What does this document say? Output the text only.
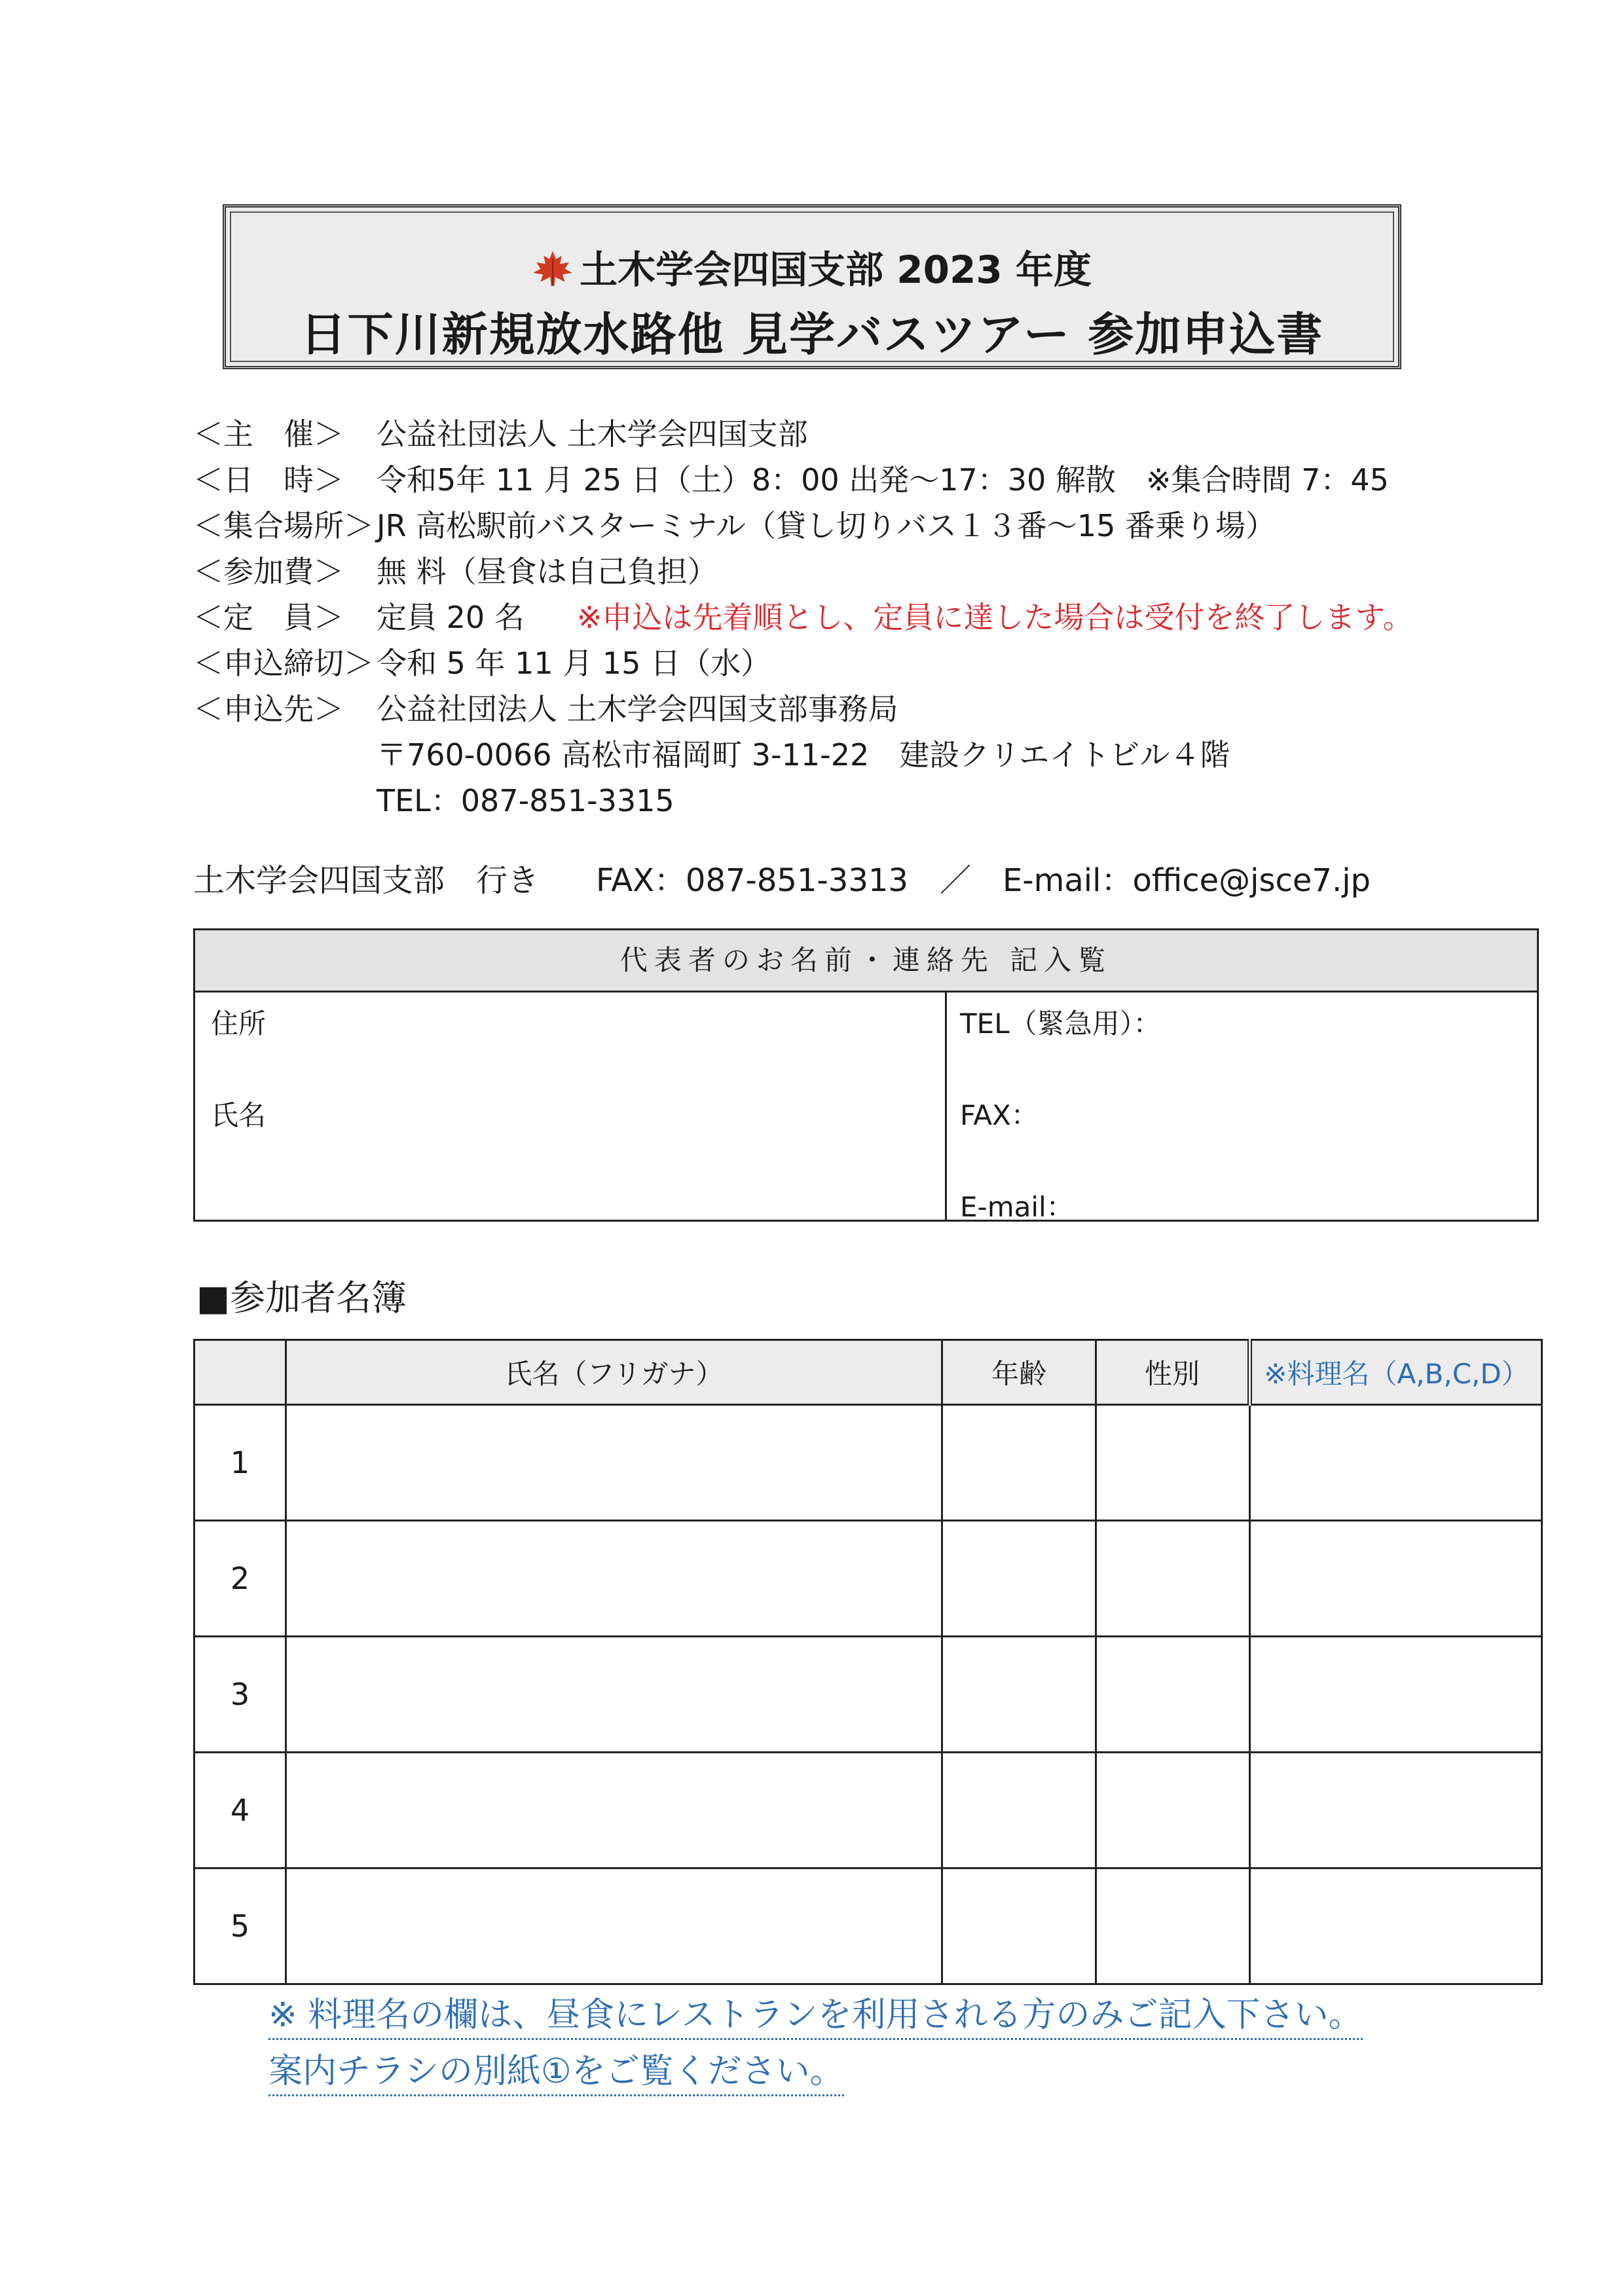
土木学会四国支部 2023 年度
日下川新規放水路他 見学バスツアー 参加申込書
＜主　催＞	公益社団法人 土木学会四国支部
＜日　時＞	令和5年 11 月 25 日（土）8：00 出発～17：30 解散　※集合時間 7：45
＜集合場所＞ JR 高松駅前バスターミナル（貸し切りバス１３番～15 番乗り場）
＜参加費＞	無 料（昼食は自己負担）
＜定　員＞	定員 20 名 ※申込は先着順とし、定員に達した場合は受付を終了します。
＜申込締切＞ 令和 5 年 11 月 15 日（水）
＜申込先＞	公益社団法人 土木学会四国支部事務局
〒760-0066 高松市福岡町 3-11-22　建設クリエイトビル４階
TEL：087-851-3315
土木学会四国支部　行き FAX：087-851-3313　／　E-mail：office@jsce7.jp
代表者のお名前・連絡先 記入覧
住所
氏名
TEL（緊急用）：
FAX：
E-mail：
■参加者名簿
	氏名（フリガナ）	年齢	性別	※料理名（A,B,C,D）
1				
2				
3				
4				
5				
※ 料理名の欄は、昼食にレストランを利用される方のみご記入下さい。
案内チラシの別紙①をご覧ください。
